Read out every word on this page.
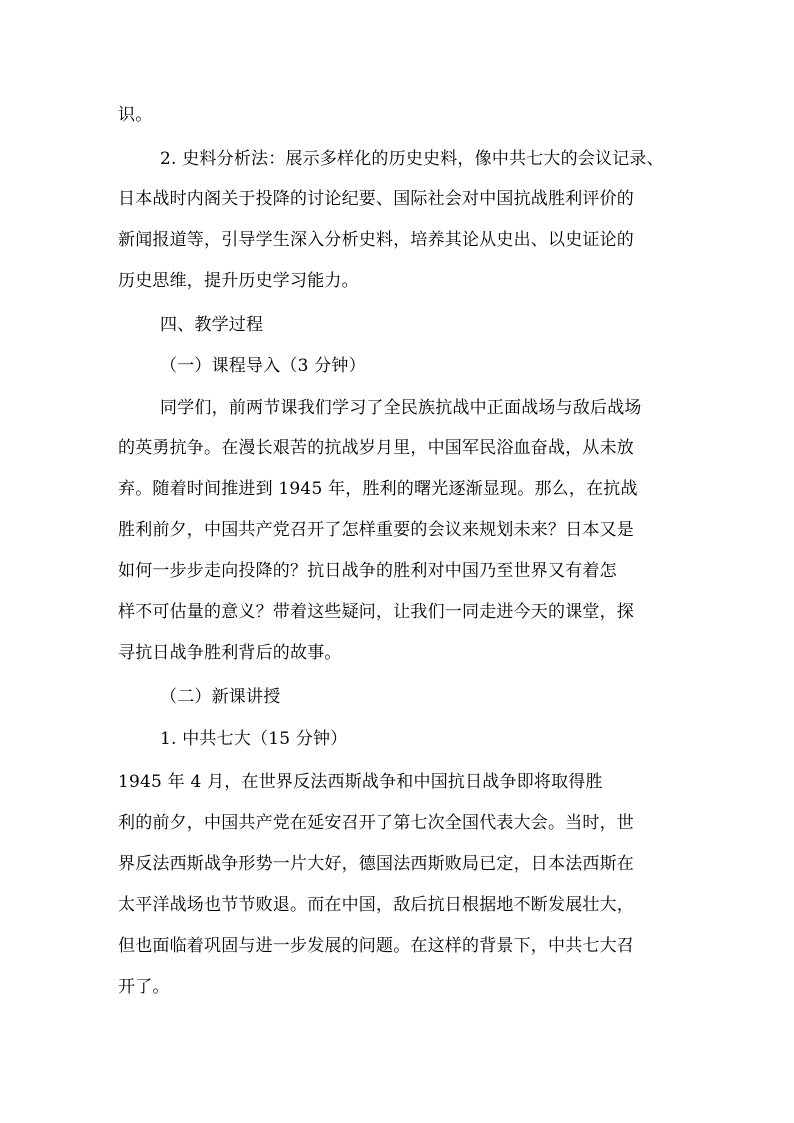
识。
2. 史料分析法：展示多样化的历史史料，像中共七大的会议记录、
日本战时内阁关于投降的讨论纪要、国际社会对中国抗战胜利评价的
新闻报道等，引导学生深入分析史料，培养其论从史出、以史证论的
历史思维，提升历史学习能力。
四、教学过程
（一）课程导入（3 分钟）
同学们，前两节课我们学习了全民族抗战中正面战场与敌后战场
的英勇抗争。在漫长艰苦的抗战岁月里，中国军民浴血奋战，从未放
弃。随着时间推进到 1945 年，胜利的曙光逐渐显现。那么，在抗战
胜利前夕，中国共产党召开了怎样重要的会议来规划未来？日本又是
如何一步步走向投降的？抗日战争的胜利对中国乃至世界又有着怎
样不可估量的意义？带着这些疑问，让我们一同走进今天的课堂，探
寻抗日战争胜利背后的故事。
（二）新课讲授
1. 中共七大（15 分钟）
1945 年 4 月，在世界反法西斯战争和中国抗日战争即将取得胜
利的前夕，中国共产党在延安召开了第七次全国代表大会。当时，世
界反法西斯战争形势一片大好，德国法西斯败局已定，日本法西斯在
太平洋战场也节节败退。而在中国，敌后抗日根据地不断发展壮大，
但也面临着巩固与进一步发展的问题。在这样的背景下，中共七大召
开了。
